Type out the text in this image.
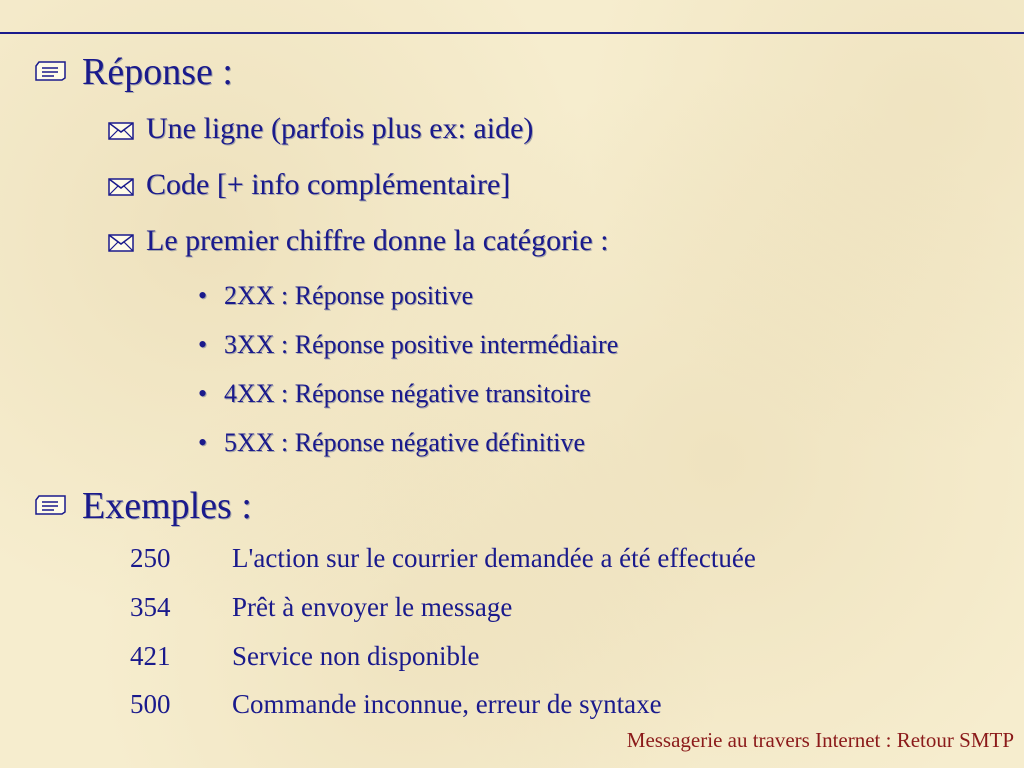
Réponse :
Une ligne (parfois plus ex: aide)
Code [+ info complémentaire]
Le premier chiffre donne la catégorie :
• 2XX : Réponse positive
• 3XX : Réponse positive intermédiaire
• 4XX : Réponse négative transitoire
• 5XX : Réponse négative définitive
Exemples :
250 L'action sur le courrier demandée a été effectuée
354 Prêt à envoyer le message
421 Service non disponible
500 Commande inconnue, erreur de syntaxe
Messagerie au travers Internet : Retour SMTP
